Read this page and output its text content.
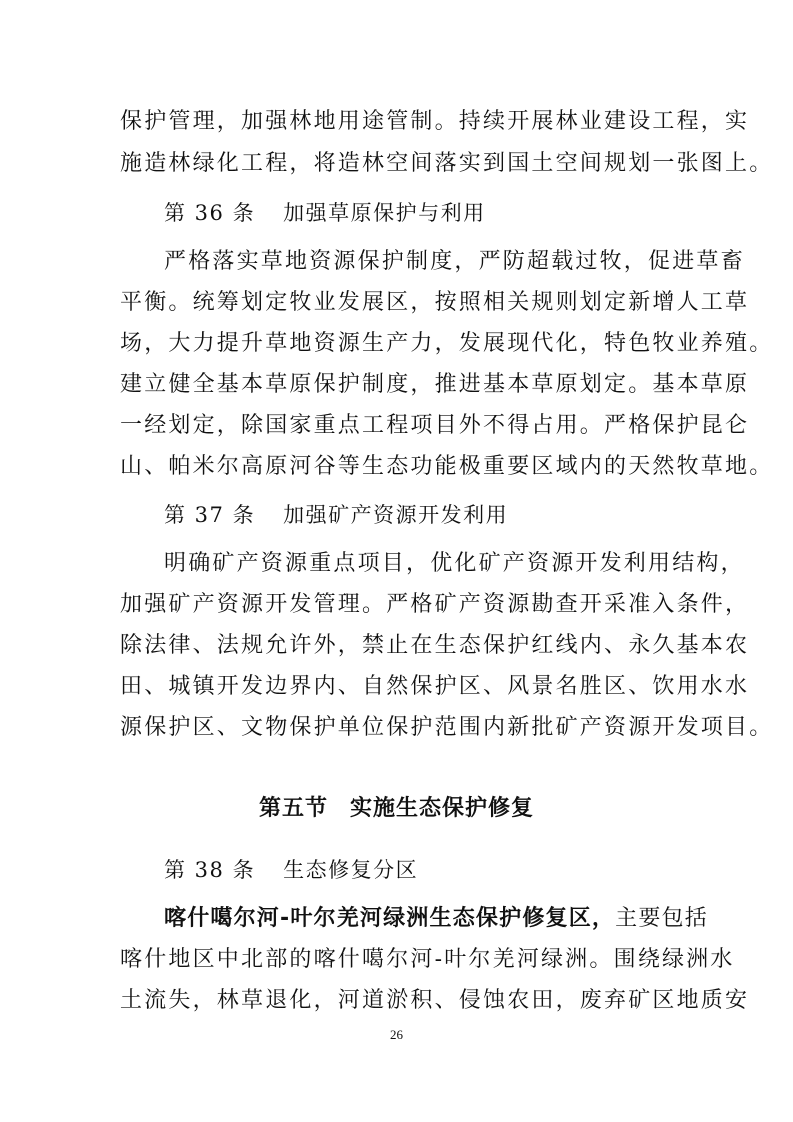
保护管理，加强林地用途管制。持续开展林业建设工程，实
施造林绿化工程，将造林空间落实到国土空间规划一张图上。
第 36 条 加强草原保护与利用
严格落实草地资源保护制度，严防超载过牧，促进草畜
平衡。统筹划定牧业发展区，按照相关规则划定新增人工草
场，大力提升草地资源生产力，发展现代化，特色牧业养殖。
建立健全基本草原保护制度，推进基本草原划定。基本草原
一经划定，除国家重点工程项目外不得占用。严格保护昆仑
山、帕米尔高原河谷等生态功能极重要区域内的天然牧草地。
第 37 条 加强矿产资源开发利用
明确矿产资源重点项目，优化矿产资源开发利用结构，
加强矿产资源开发管理。严格矿产资源勘查开采准入条件，
除法律、法规允许外，禁止在生态保护红线内、永久基本农
田、城镇开发边界内、自然保护区、风景名胜区、饮用水水
源保护区、文物保护单位保护范围内新批矿产资源开发项目。
第五节 实施生态保护修复
第 38 条 生态修复分区
喀什噶尔河-叶尔羌河绿洲生态保护修复区，主要包括
喀什地区中北部的喀什噶尔河-叶尔羌河绿洲。围绕绿洲水
土流失，林草退化，河道淤积、侵蚀农田，废弃矿区地质安
26
